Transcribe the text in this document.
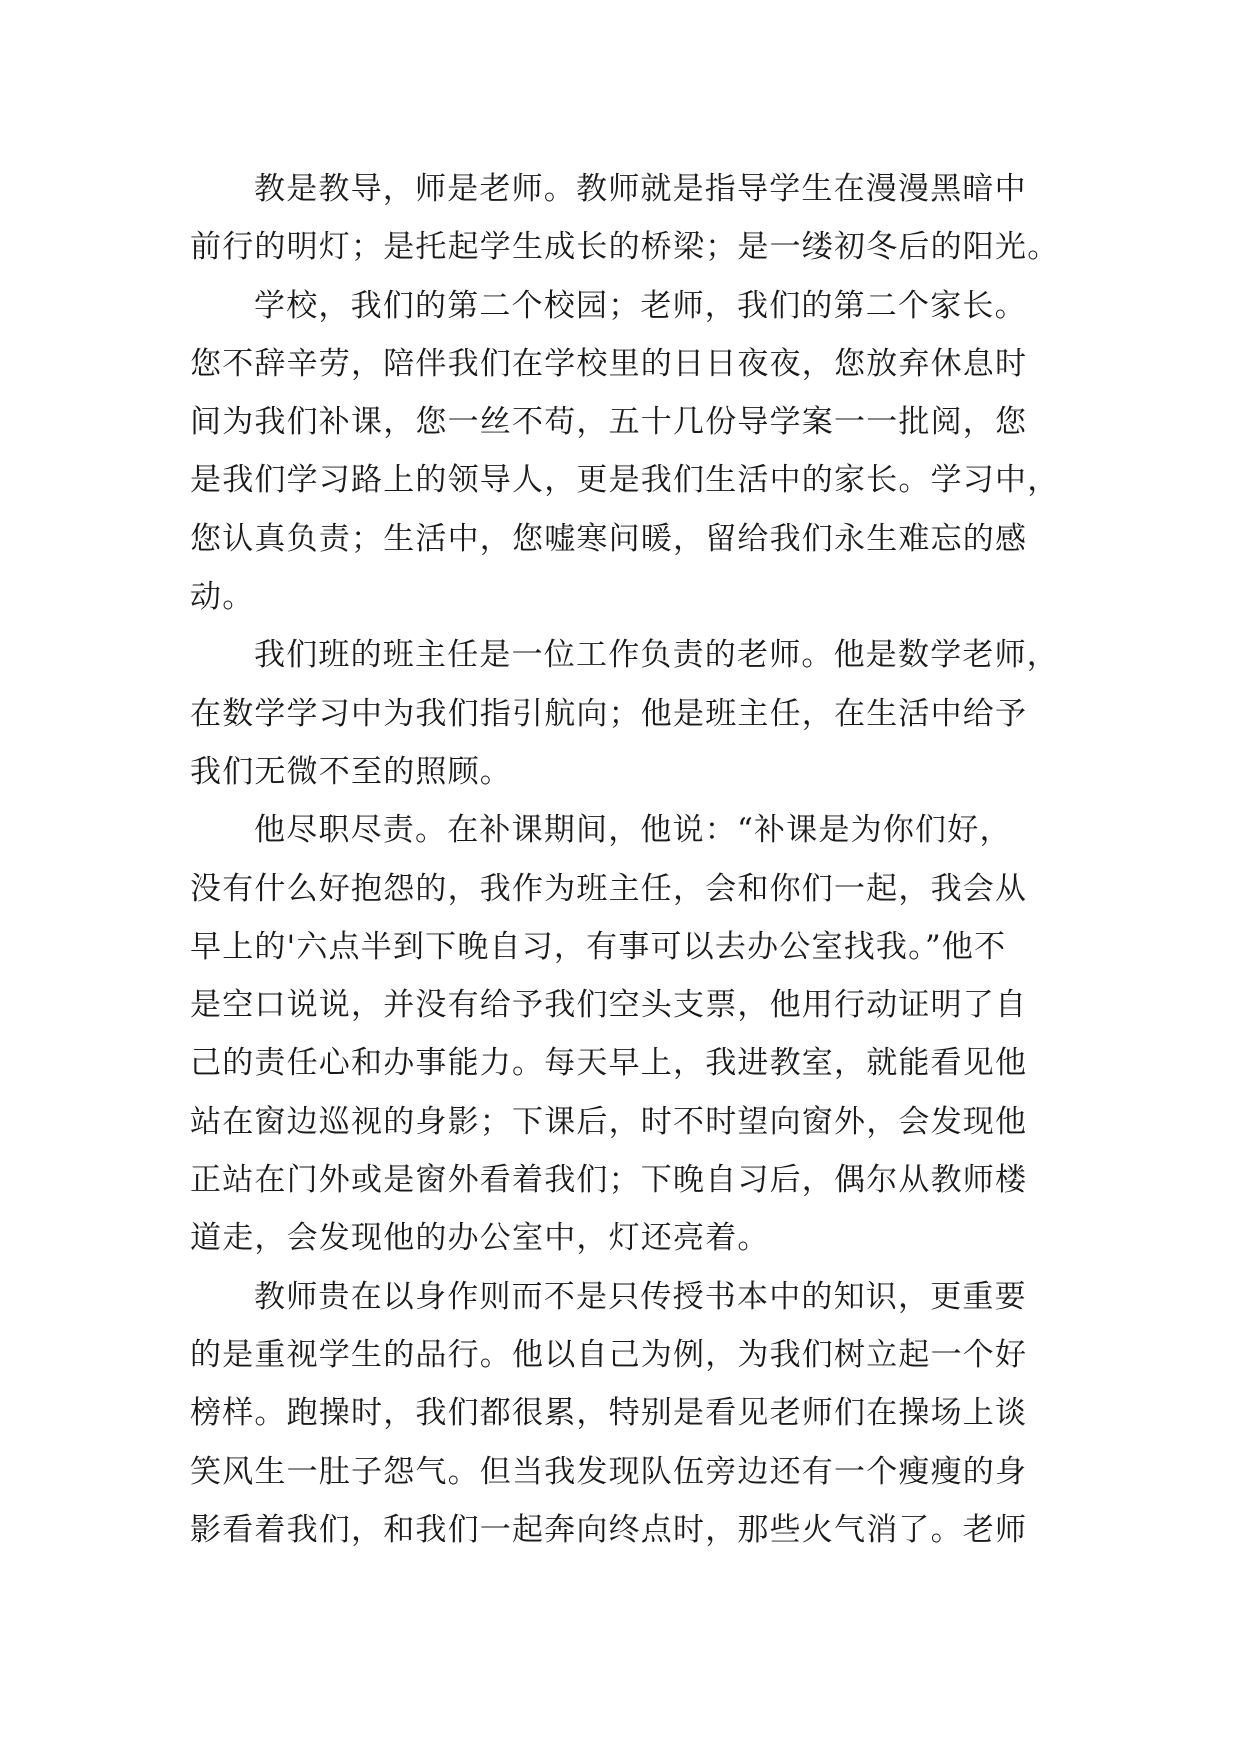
教是教导，师是老师。教师就是指导学生在漫漫黑暗中
前行的明灯；是托起学生成长的桥梁；是一缕初冬后的阳光。
学校，我们的第二个校园；老师，我们的第二个家长。
您不辞辛劳，陪伴我们在学校里的日日夜夜，您放弃休息时
间为我们补课，您一丝不苟，五十几份导学案一一批阅，您
是我们学习路上的领导人，更是我们生活中的家长。学习中，
您认真负责；生活中，您嘘寒问暖，留给我们永生难忘的感
动。
我们班的班主任是一位工作负责的老师。他是数学老师，
在数学学习中为我们指引航向；他是班主任，在生活中给予
我们无微不至的照顾。
他尽职尽责。在补课期间，他说：“补课是为你们好，
没有什么好抱怨的，我作为班主任，会和你们一起，我会从
早上的'六点半到下晚自习，有事可以去办公室找我。”他不
是空口说说，并没有给予我们空头支票，他用行动证明了自
己的责任心和办事能力。每天早上，我进教室，就能看见他
站在窗边巡视的身影；下课后，时不时望向窗外，会发现他
正站在门外或是窗外看着我们；下晚自习后，偶尔从教师楼
道走，会发现他的办公室中，灯还亮着。
教师贵在以身作则而不是只传授书本中的知识，更重要
的是重视学生的品行。他以自己为例，为我们树立起一个好
榜样。跑操时，我们都很累，特别是看见老师们在操场上谈
笑风生一肚子怨气。但当我发现队伍旁边还有一个瘦瘦的身
影看着我们，和我们一起奔向终点时，那些火气消了。老师
